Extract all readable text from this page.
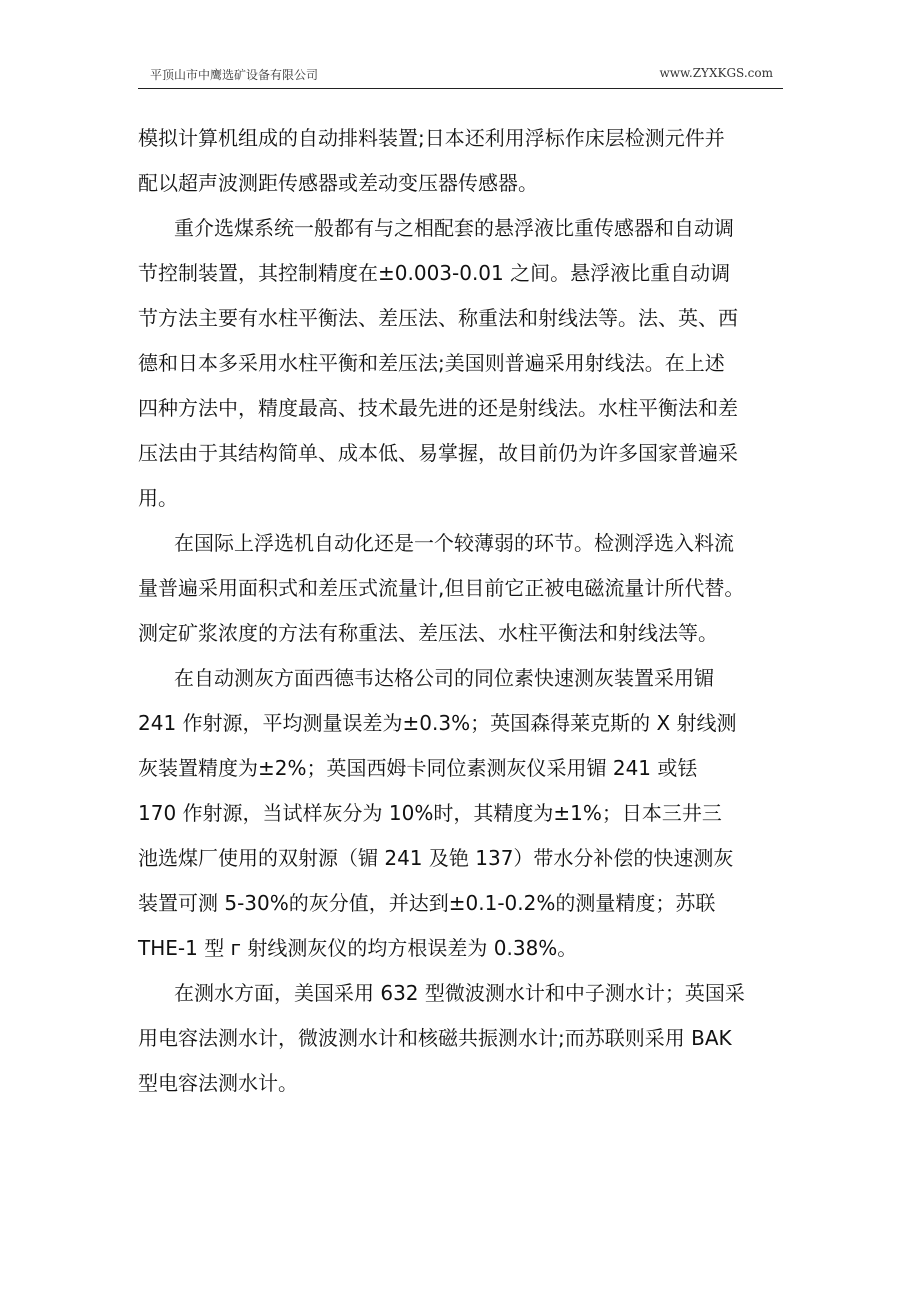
平顶山市中鹰选矿设备有限公司	www.ZYXKGS.com

模拟计算机组成的自动排料装置;日本还利用浮标作床层检测元件并
配以超声波测距传感器或差动变压器传感器。

重介选煤系统一般都有与之相配套的悬浮液比重传感器和自动调
节控制装置，其控制精度在±0.003-0.01 之间。悬浮液比重自动调
节方法主要有水柱平衡法、差压法、称重法和射线法等。法、英、西
德和日本多采用水柱平衡和差压法;美国则普遍采用射线法。在上述
四种方法中，精度最高、技术最先进的还是射线法。水柱平衡法和差
压法由于其结构简单、成本低、易掌握，故目前仍为许多国家普遍采
用。

在国际上浮选机自动化还是一个较薄弱的环节。检测浮选入料流
量普遍采用面积式和差压式流量计,但目前它正被电磁流量计所代替。
测定矿浆浓度的方法有称重法、差压法、水柱平衡法和射线法等。

在自动测灰方面西德韦达格公司的同位素快速测灰装置采用镅
241 作射源，平均测量误差为±0.3%；英国森得莱克斯的 X 射线测
灰装置精度为±2%；英国西姆卡同位素测灰仪采用镅 241 或铥
170 作射源，当试样灰分为 10%时，其精度为±1%；日本三井三
池选煤厂使用的双射源（镅 241 及铯 137）带水分补偿的快速测灰
装置可测 5-30%的灰分值，并达到±0.1-0.2%的测量精度；苏联
THE-1 型 г 射线测灰仪的均方根误差为 0.38%。

在测水方面，美国采用 632 型微波测水计和中子测水计；英国采
用电容法测水计，微波测水计和核磁共振测水计;而苏联则采用 BAK
型电容法测水计。
